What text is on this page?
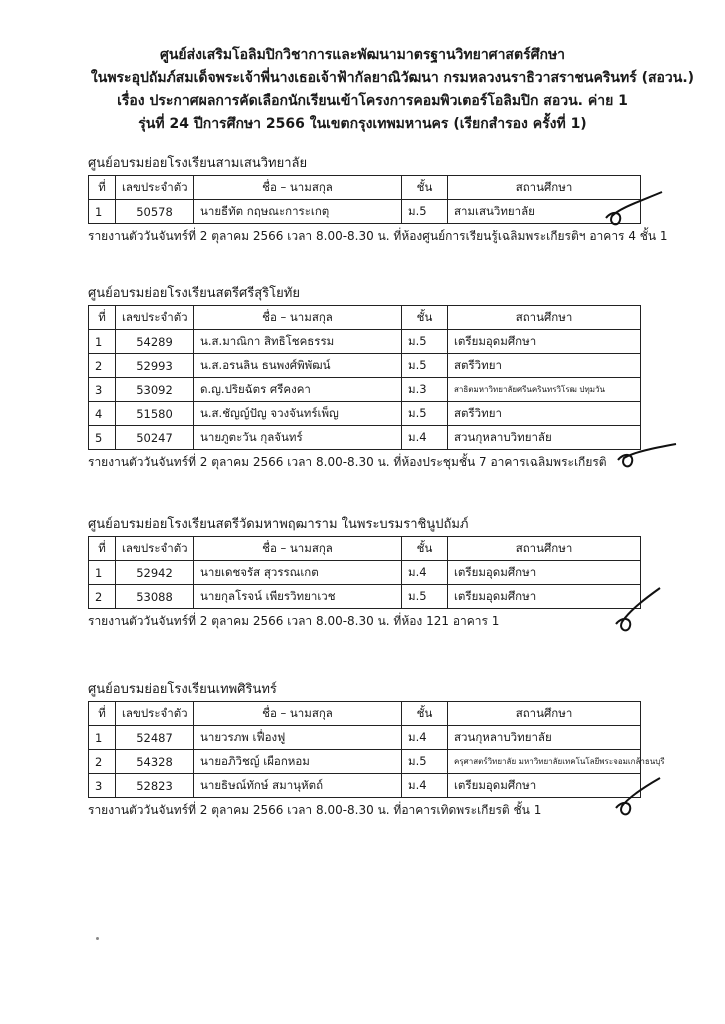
ศูนย์ส่งเสริมโอลิมปิกวิชาการและพัฒนามาตรฐานวิทยาศาสตร์ศึกษา
ในพระอุปถัมภ์สมเด็จพระเจ้าพี่นางเธอเจ้าฟ้ากัลยาณิวัฒนา กรมหลวงนราธิวาสราชนครินทร์ (สอวน.)
เรื่อง ประกาศผลการคัดเลือกนักเรียนเข้าโครงการคอมพิวเตอร์โอลิมปิก สอวน. ค่าย 1
รุ่นที่ 24 ปีการศึกษา 2566 ในเขตกรุงเทพมหานคร (เรียกสำรอง ครั้งที่ 1)
ศูนย์อบรมย่อยโรงเรียนสามเสนวิทยาลัย
ที่	เลขประจำตัว	ชื่อ – นามสกุล	ชั้น	สถานศึกษา
1	50578	นายธีทัต กฤษณะการะเกตุ	ม.5	สามเสนวิทยาลัย
รายงานตัววันจันทร์ที่ 2 ตุลาคม 2566 เวลา 8.00-8.30 น. ที่ห้องศูนย์การเรียนรู้เฉลิมพระเกียรติฯ อาคาร 4 ชั้น 1
ศูนย์อบรมย่อยโรงเรียนสตรีศรีสุริโยทัย
ที่	เลขประจำตัว	ชื่อ – นามสกุล	ชั้น	สถานศึกษา
1	54289	น.ส.มาณิกา สิทธิโชคธรรม	ม.5	เตรียมอุดมศึกษา
2	52993	น.ส.อรนลิน ธนพงศ์พิพัฒน์	ม.5	สตรีวิทยา
3	53092	ด.ญ.ปริยฉัตร ศรีคงคา	ม.3	สาธิตมหาวิทยาลัยศรีนครินทรวิโรฒ ปทุมวัน
4	51580	น.ส.ชัญญ์ปัญ จวงจันทร์เพ็ญ	ม.5	สตรีวิทยา
5	50247	นายภูตะวัน กุลจันทร์	ม.4	สวนกุหลาบวิทยาลัย
รายงานตัววันจันทร์ที่ 2 ตุลาคม 2566 เวลา 8.00-8.30 น. ที่ห้องประชุมชั้น 7 อาคารเฉลิมพระเกียรติ
ศูนย์อบรมย่อยโรงเรียนสตรีวัดมหาพฤฒาราม ในพระบรมราชินูปถัมภ์
ที่	เลขประจำตัว	ชื่อ – นามสกุล	ชั้น	สถานศึกษา
1	52942	นายเดชจรัส สุวรรณเกต	ม.4	เตรียมอุดมศึกษา
2	53088	นายกุลโรจน์ เพียรวิทยาเวช	ม.5	เตรียมอุดมศึกษา
รายงานตัววันจันทร์ที่ 2 ตุลาคม 2566 เวลา 8.00-8.30 น. ที่ห้อง 121 อาคาร 1
ศูนย์อบรมย่อยโรงเรียนเทพศิรินทร์
ที่	เลขประจำตัว	ชื่อ – นามสกุล	ชั้น	สถานศึกษา
1	52487	นายวรภพ เฟื่องฟู	ม.4	สวนกุหลาบวิทยาลัย
2	54328	นายอภิวิชญ์ เผือกหอม	ม.5	ครุศาสตร์วิทยาลัย มหาวิทยาลัยเทคโนโลยีพระจอมเกล้าธนบุรี
3	52823	นายธิษณ์ทักษ์ สมานุหัตถ์	ม.4	เตรียมอุดมศึกษา
รายงานตัววันจันทร์ที่ 2 ตุลาคม 2566 เวลา 8.00-8.30 น. ที่อาคารเทิดพระเกียรติ ชั้น 1
